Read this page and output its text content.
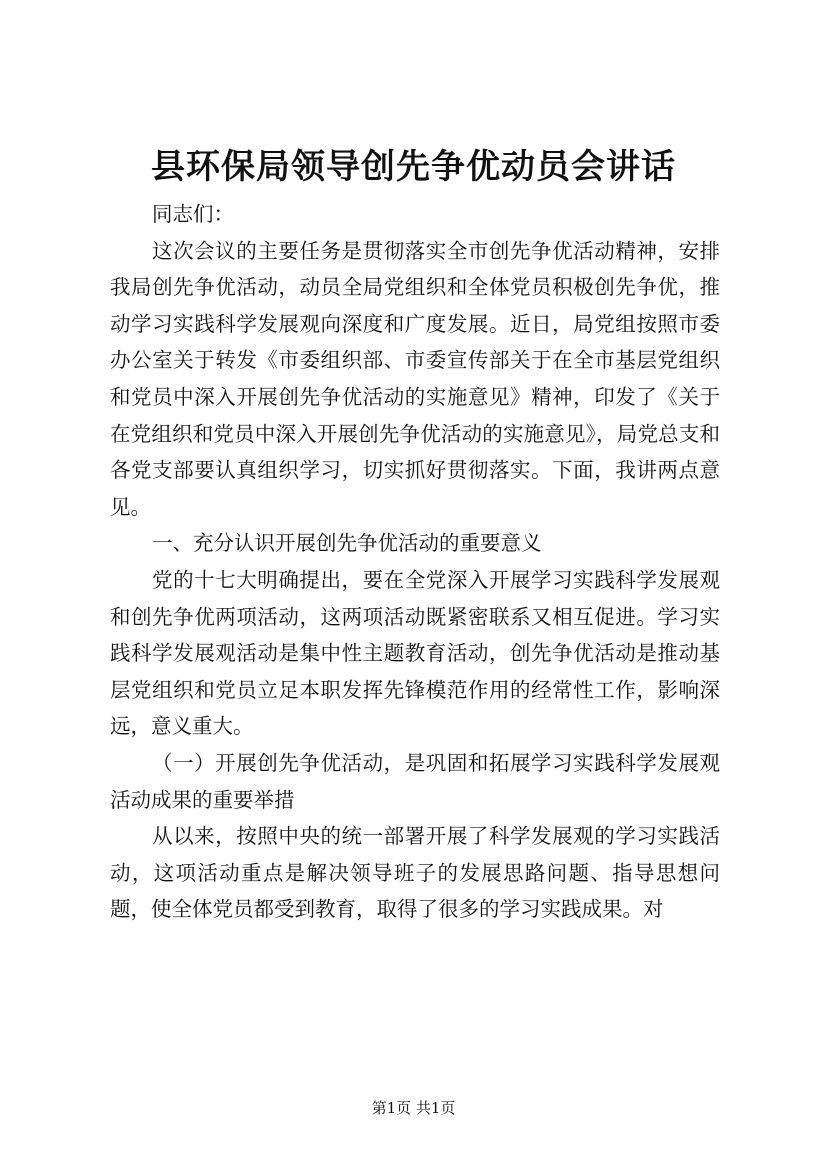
县环保局领导创先争优动员会讲话

同志们：

这次会议的主要任务是贯彻落实全市创先争优活动精神，安排我局创先争优活动，动员全局党组织和全体党员积极创先争优，推动学习实践科学发展观向深度和广度发展。近日，局党组按照市委办公室关于转发《市委组织部、市委宣传部关于在全市基层党组织和党员中深入开展创先争优活动的实施意见》精神，印发了《关于在党组织和党员中深入开展创先争优活动的实施意见》，局党总支和各党支部要认真组织学习，切实抓好贯彻落实。下面，我讲两点意见。

一、充分认识开展创先争优活动的重要意义

党的十七大明确提出，要在全党深入开展学习实践科学发展观和创先争优两项活动，这两项活动既紧密联系又相互促进。学习实践科学发展观活动是集中性主题教育活动，创先争优活动是推动基层党组织和党员立足本职发挥先锋模范作用的经常性工作，影响深远，意义重大。

（一）开展创先争优活动，是巩固和拓展学习实践科学发展观活动成果的重要举措

从以来，按照中央的统一部署开展了科学发展观的学习实践活动，这项活动重点是解决领导班子的发展思路问题、指导思想问题，使全体党员都受到教育，取得了很多的学习实践成果。对

第1页 共1页
